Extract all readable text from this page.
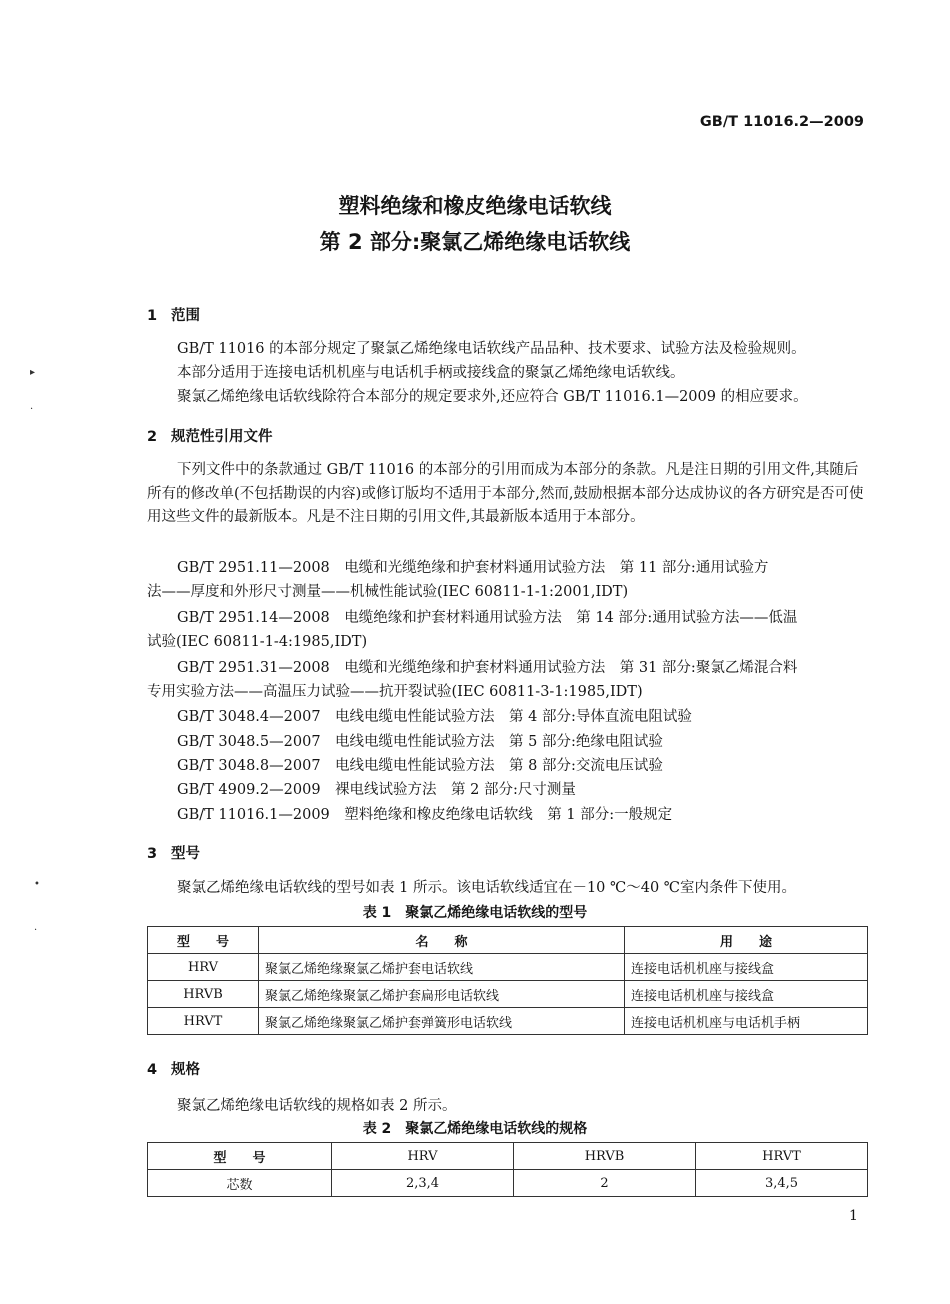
GB/T 11016.2—2009
塑料绝缘和橡皮绝缘电话软线
第 2 部分:聚氯乙烯绝缘电话软线
1 范围
GB/T 11016 的本部分规定了聚氯乙烯绝缘电话软线产品品种、技术要求、试验方法及检验规则。
本部分适用于连接电话机机座与电话机手柄或接线盒的聚氯乙烯绝缘电话软线。
聚氯乙烯绝缘电话软线除符合本部分的规定要求外,还应符合 GB/T 11016.1—2009 的相应要求。
2 规范性引用文件
下列文件中的条款通过 GB/T 11016 的本部分的引用而成为本部分的条款。凡是注日期的引用文件,其随后所有的修改单(不包括勘误的内容)或修订版均不适用于本部分,然而,鼓励根据本部分达成协议的各方研究是否可使用这些文件的最新版本。凡是不注日期的引用文件,其最新版本适用于本部分。
GB/T 2951.11—2008　电缆和光缆绝缘和护套材料通用试验方法　第 11 部分:通用试验方
法——厚度和外形尺寸测量——机械性能试验(IEC 60811-1-1:2001,IDT)
GB/T 2951.14—2008　电缆绝缘和护套材料通用试验方法　第 14 部分:通用试验方法——低温
试验(IEC 60811-1-4:1985,IDT)
GB/T 2951.31—2008　电缆和光缆绝缘和护套材料通用试验方法　第 31 部分:聚氯乙烯混合料
专用实验方法——高温压力试验——抗开裂试验(IEC 60811-3-1:1985,IDT)
GB/T 3048.4—2007　电线电缆电性能试验方法　第 4 部分:导体直流电阻试验
GB/T 3048.5—2007　电线电缆电性能试验方法　第 5 部分:绝缘电阻试验
GB/T 3048.8—2007　电线电缆电性能试验方法　第 8 部分:交流电压试验
GB/T 4909.2—2009　裸电线试验方法　第 2 部分:尺寸测量
GB/T 11016.1—2009　塑料绝缘和橡皮绝缘电话软线　第 1 部分:一般规定
3 型号
聚氯乙烯绝缘电话软线的型号如表 1 所示。该电话软线适宜在－10 ℃～40 ℃室内条件下使用。
表 1　聚氯乙烯绝缘电话软线的型号
型　　号	名　　称	用　　途
HRV	聚氯乙烯绝缘聚氯乙烯护套电话软线	连接电话机机座与接线盒
HRVB	聚氯乙烯绝缘聚氯乙烯护套扁形电话软线	连接电话机机座与接线盒
HRVT	聚氯乙烯绝缘聚氯乙烯护套弹簧形电话软线	连接电话机机座与电话机手柄
4 规格
聚氯乙烯绝缘电话软线的规格如表 2 所示。
表 2　聚氯乙烯绝缘电话软线的规格
型　　号	HRV	HRVB	HRVT
芯数	2,3,4	2	3,4,5
1
▸
·
•
·
